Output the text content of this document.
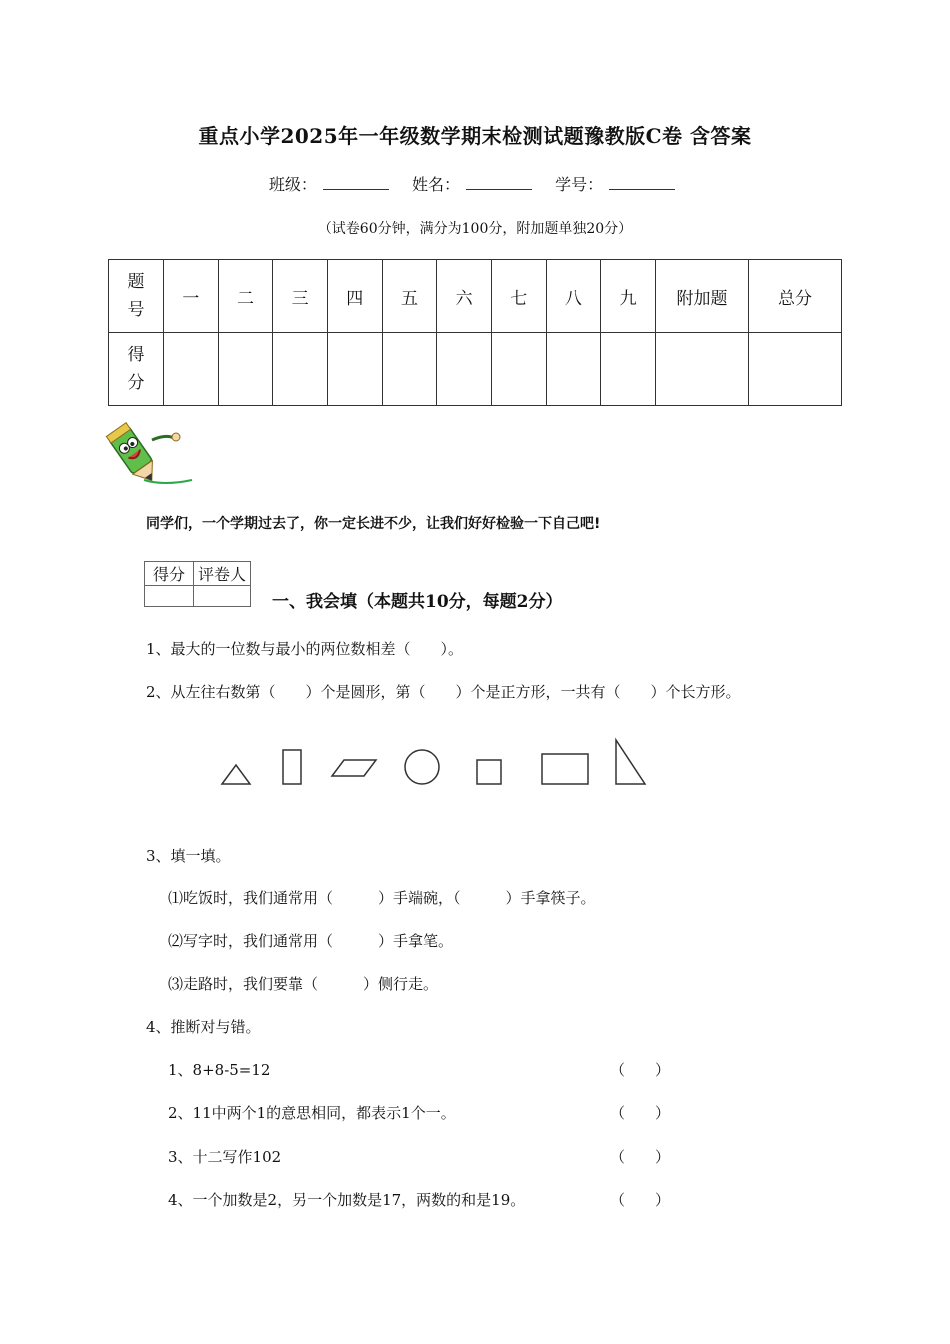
重点小学2025年一年级数学期末检测试题豫教版C卷 含答案
班级：	姓名：	学号：
（试卷60分钟，满分为100分，附加题单独20分）
题
号	一	二	三	四	五	六	七	八	九	附加题	总分

得
分											

同学们，一个学期过去了，你一定长进不少，让我们好好检验一下自己吧!
得分	评卷人

一、我会填（本题共10分，每题2分）
1、最大的一位数与最小的两位数相差（　　）。
2、从左往右数第（　　）个是圆形，第（　　）个是正方形，一共有（　　）个长方形。
3、填一填。
⑴吃饭时，我们通常用（　　　）手端碗，（　　　）手拿筷子。
⑵写字时，我们通常用（　　　）手拿笔。
⑶走路时，我们要靠（　　　）侧行走。
4、推断对与错。
1、8+8-5=12	（　　）
2、11中两个1的意思相同，都表示1个一。	（　　）
3、十二写作102	（　　）
4、一个加数是2，另一个加数是17，两数的和是19。	（　　）
